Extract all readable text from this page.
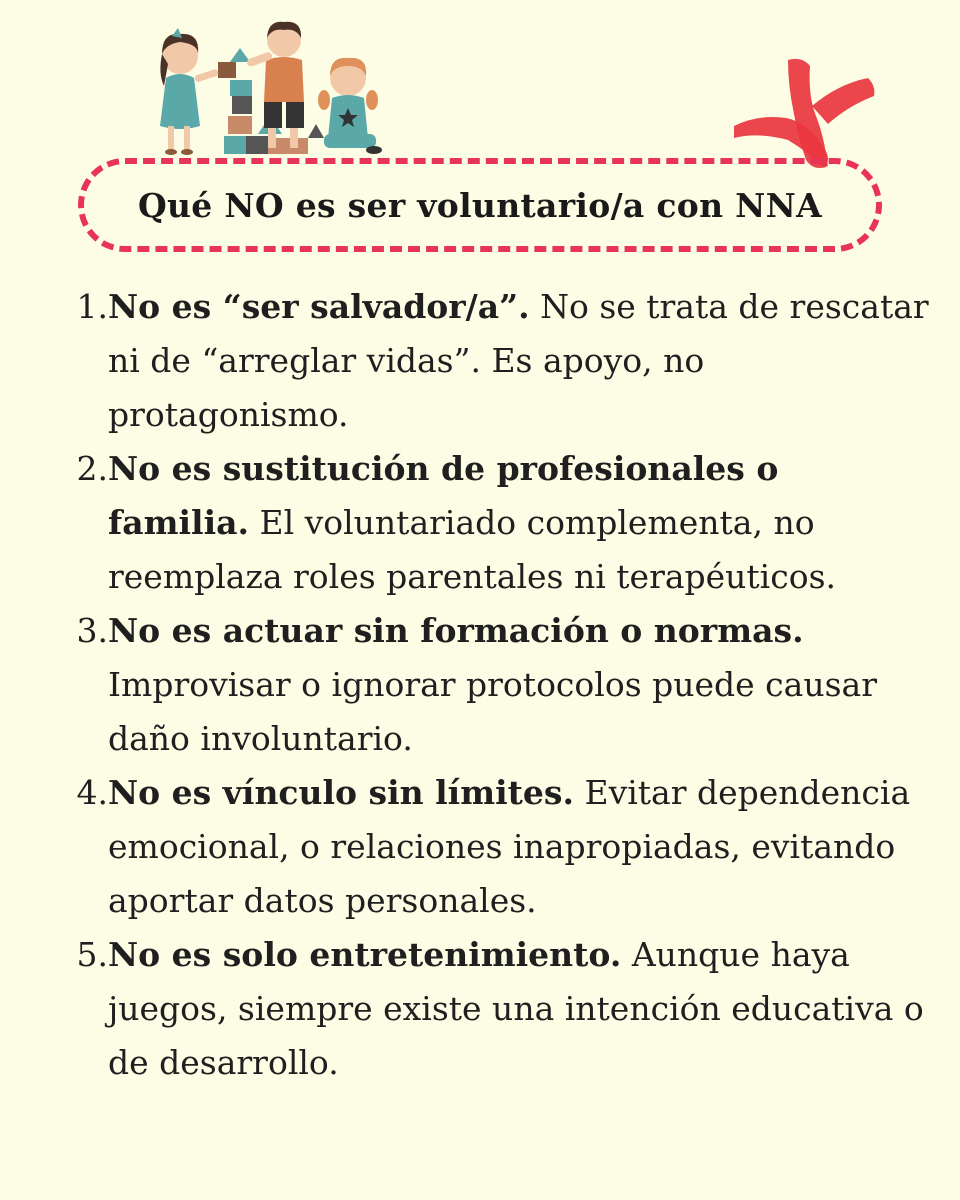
Qué NO es ser voluntario/a con NNA
1. No es “ser salvador/a”. No se trata de rescatar ni de “arreglar vidas”. Es apoyo, no protagonismo.
2. No es sustitución de profesionales o familia. El voluntariado complementa, no reemplaza roles parentales ni terapéuticos.
3. No es actuar sin formación o normas. Improvisar o ignorar protocolos puede causar daño involuntario.
4. No es vínculo sin límites. Evitar dependencia emocional, o relaciones inapropiadas, evitando aportar datos personales.
5. No es solo entretenimiento. Aunque haya juegos, siempre existe una intención educativa o de desarrollo.
